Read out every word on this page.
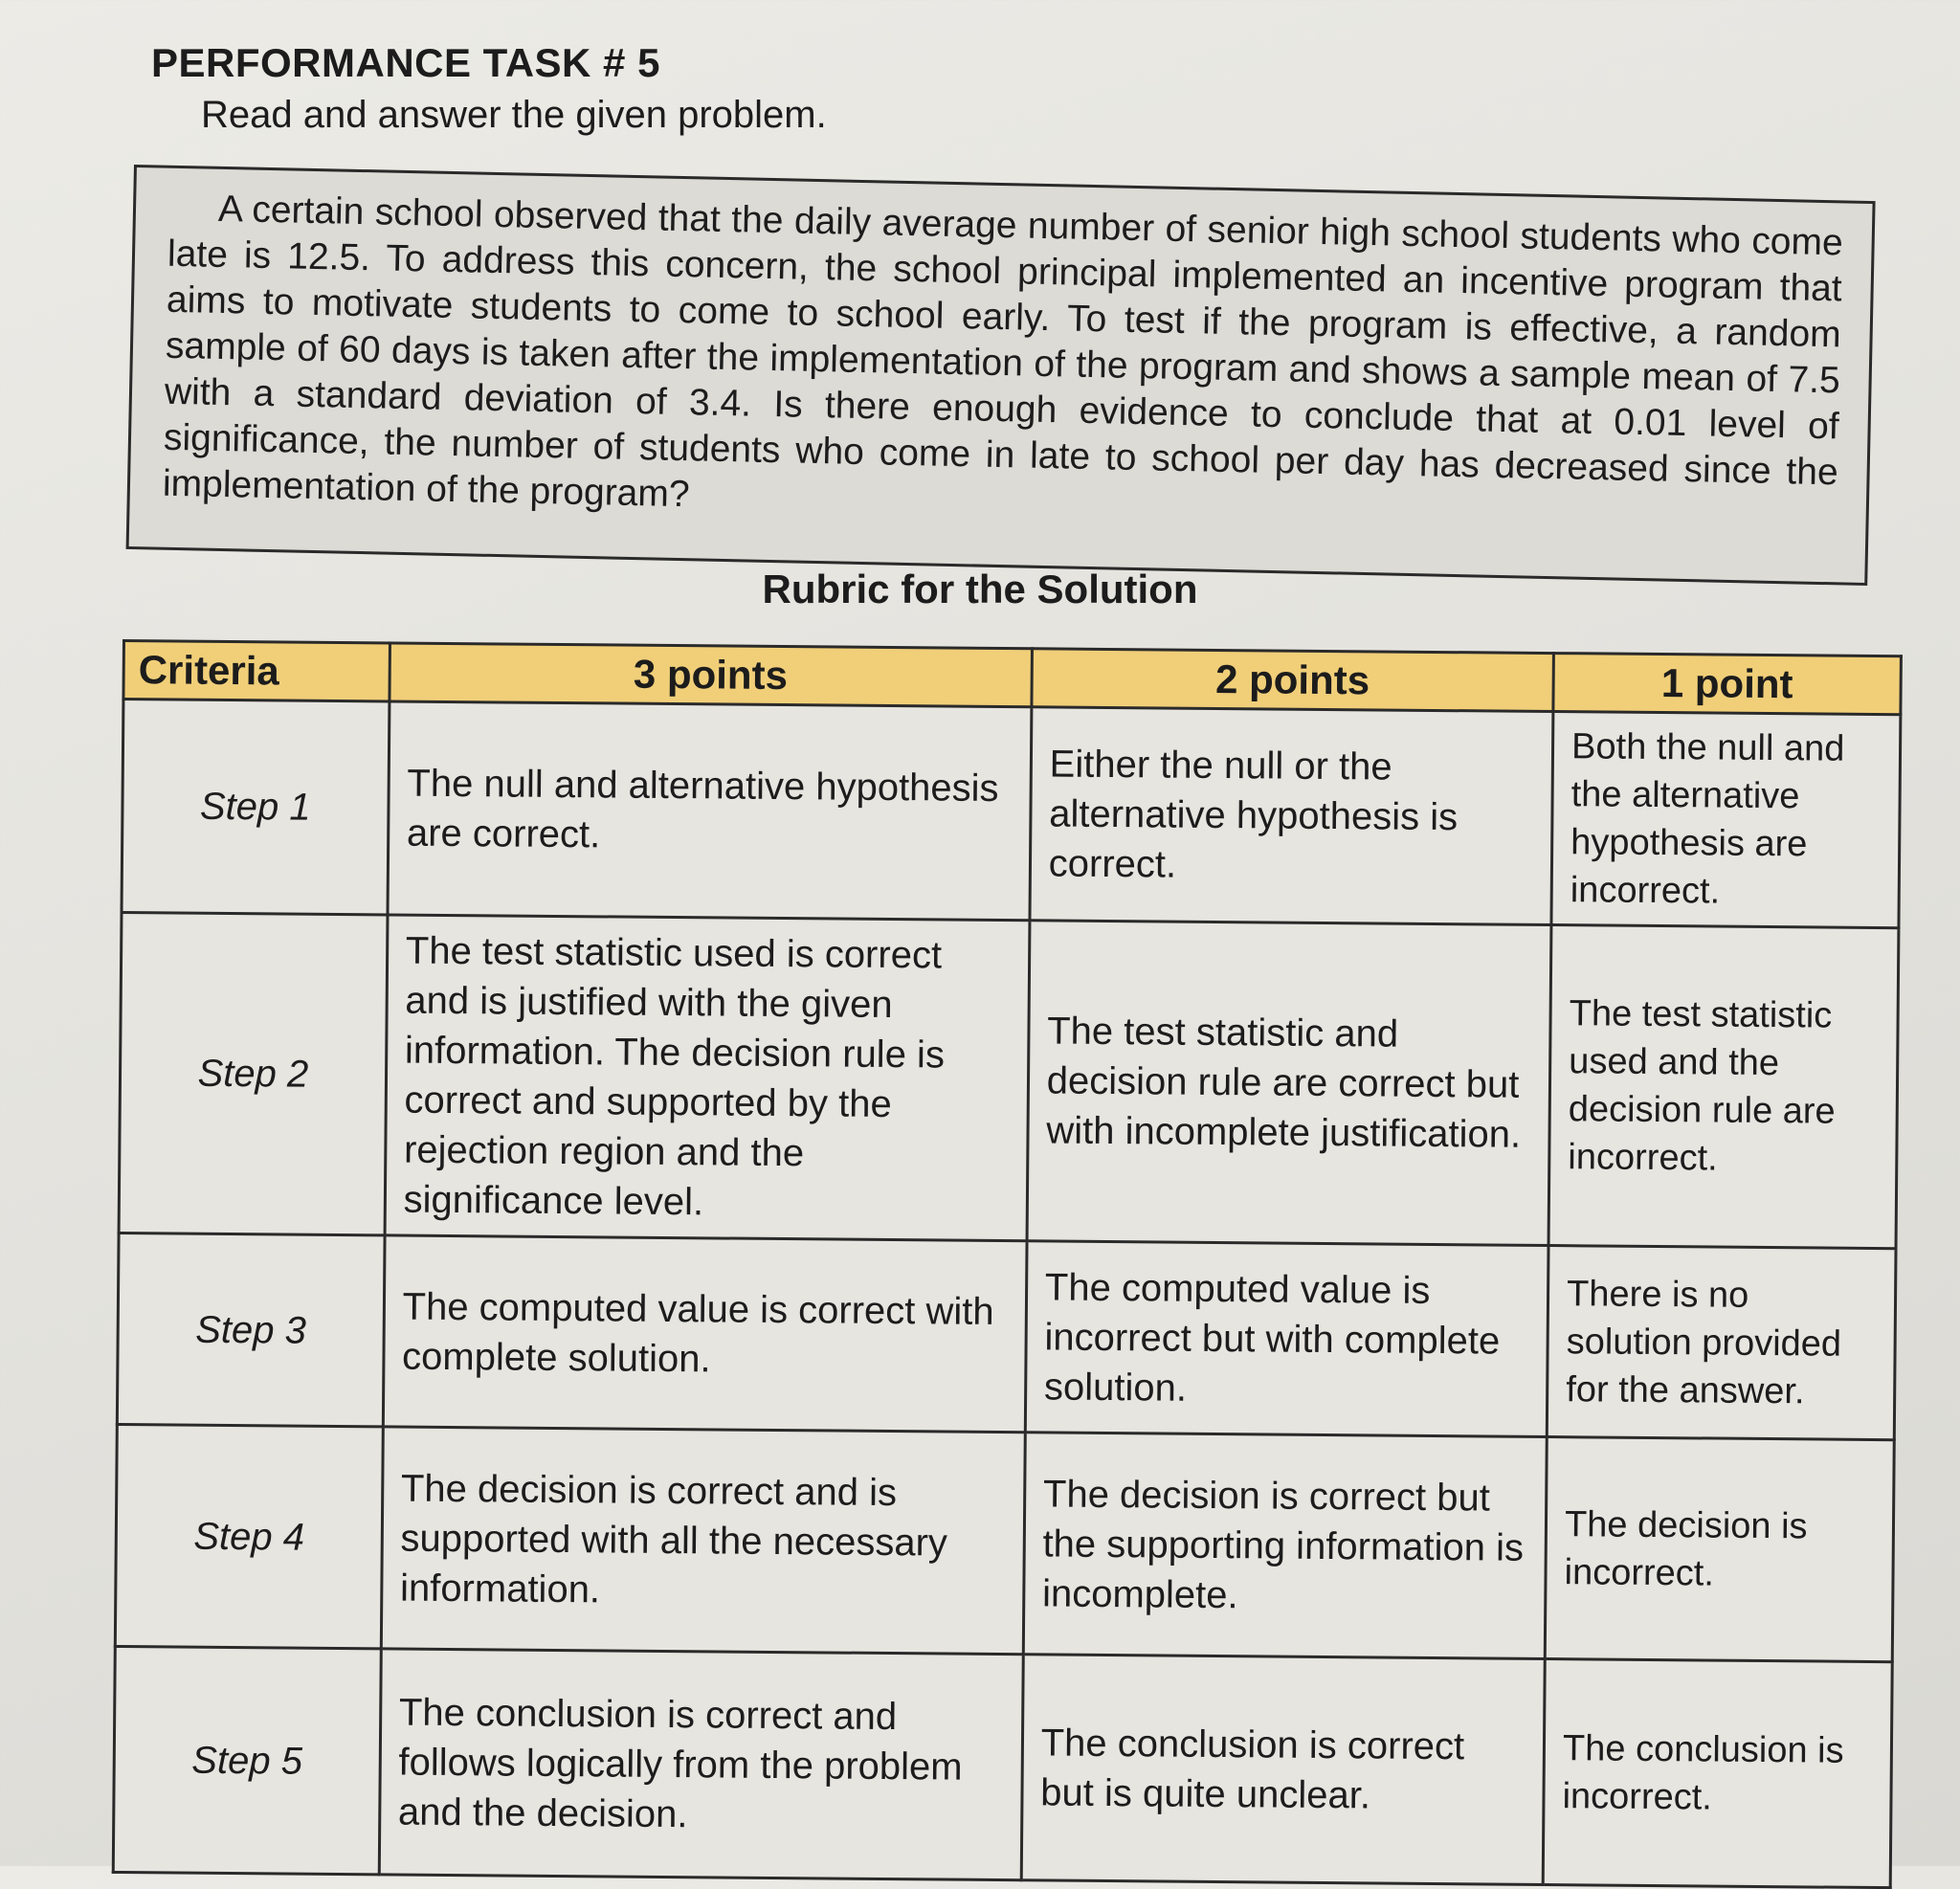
PERFORMANCE TASK # 5
Read and answer the given problem.

A certain school observed that the daily average number of senior high school students who come late is 12.5. To address this concern, the school principal implemented an incentive program that aims to motivate students to come to school early. To test if the program is effective, a random sample of 60 days is taken after the implementation of the program and shows a sample mean of 7.5 with a standard deviation of 3.4. Is there enough evidence to conclude that at 0.01 level of significance, the number of students who come in late to school per day has decreased since the implementation of the program?

Rubric for the Solution
Criteria	3 points	2 points	1 point
Step 1	The null and alternative hypothesis are correct.	Either the null or the alternative hypothesis is correct.	Both the null and the alternative hypothesis are incorrect.
Step 2	The test statistic used is correct and is justified with the given information. The decision rule is correct and supported by the rejection region and the significance level.	The test statistic and decision rule are correct but with incomplete justification.	The test statistic used and the decision rule are incorrect.
Step 3	The computed value is correct with complete solution.	The computed value is incorrect but with complete solution.	There is no solution provided for the answer.
Step 4	The decision is correct and is supported with all the necessary information.	The decision is correct but the supporting information is incomplete.	The decision is incorrect.
Step 5	The conclusion is correct and follows logically from the problem and the decision.	The conclusion is correct but is quite unclear.	The conclusion is incorrect.
